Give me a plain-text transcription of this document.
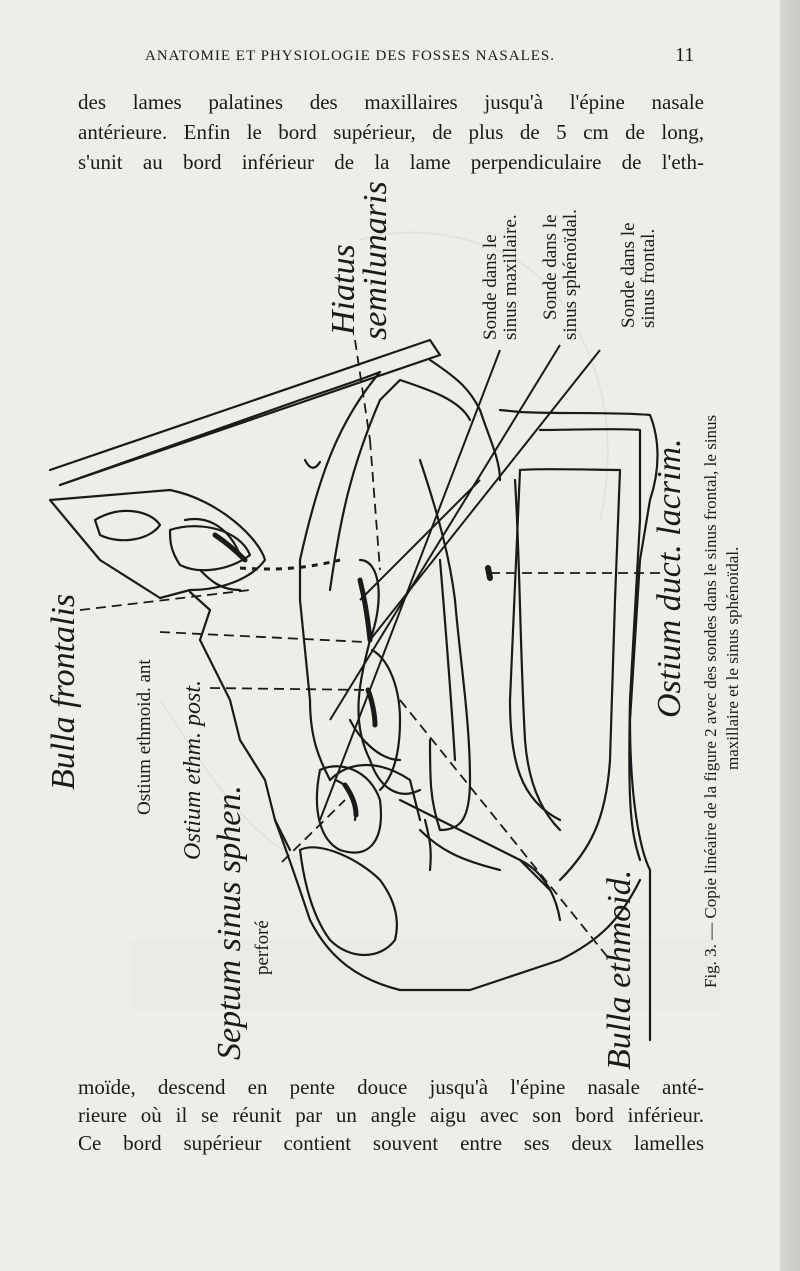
ANATOMIE ET PHYSIOLOGIE DES FOSSES NASALES.	11
des lames palatines des maxillaires jusqu'à l'épine nasale
antérieure. Enfin le bord supérieur, de plus de 5 cm de long,
s'unit au bord inférieur de la lame perpendiculaire de l'eth-
Bulla frontalis	Ostium ethmoid. ant Ostium ethm. post.
Septum sinus sphen. perforé	Bulla ethmoid.
Hiatus
semilunaris
Ostium duct. lacrim.
Sonde dans le sinus maxillaire. Sonde dans le sinus sphénoïdal. Sonde dans le sinus frontal.
Fig. 3. — Copie linéaire de la figure 2 avec des sondes dans le sinus frontal, le sinus maxillaire et le sinus sphénoïdal.
moïde, descend en pente douce jusqu'à l'épine nasale anté-
rieure où il se réunit par un angle aigu avec son bord inférieur.
Ce bord supérieur contient souvent entre ses deux lamelles
